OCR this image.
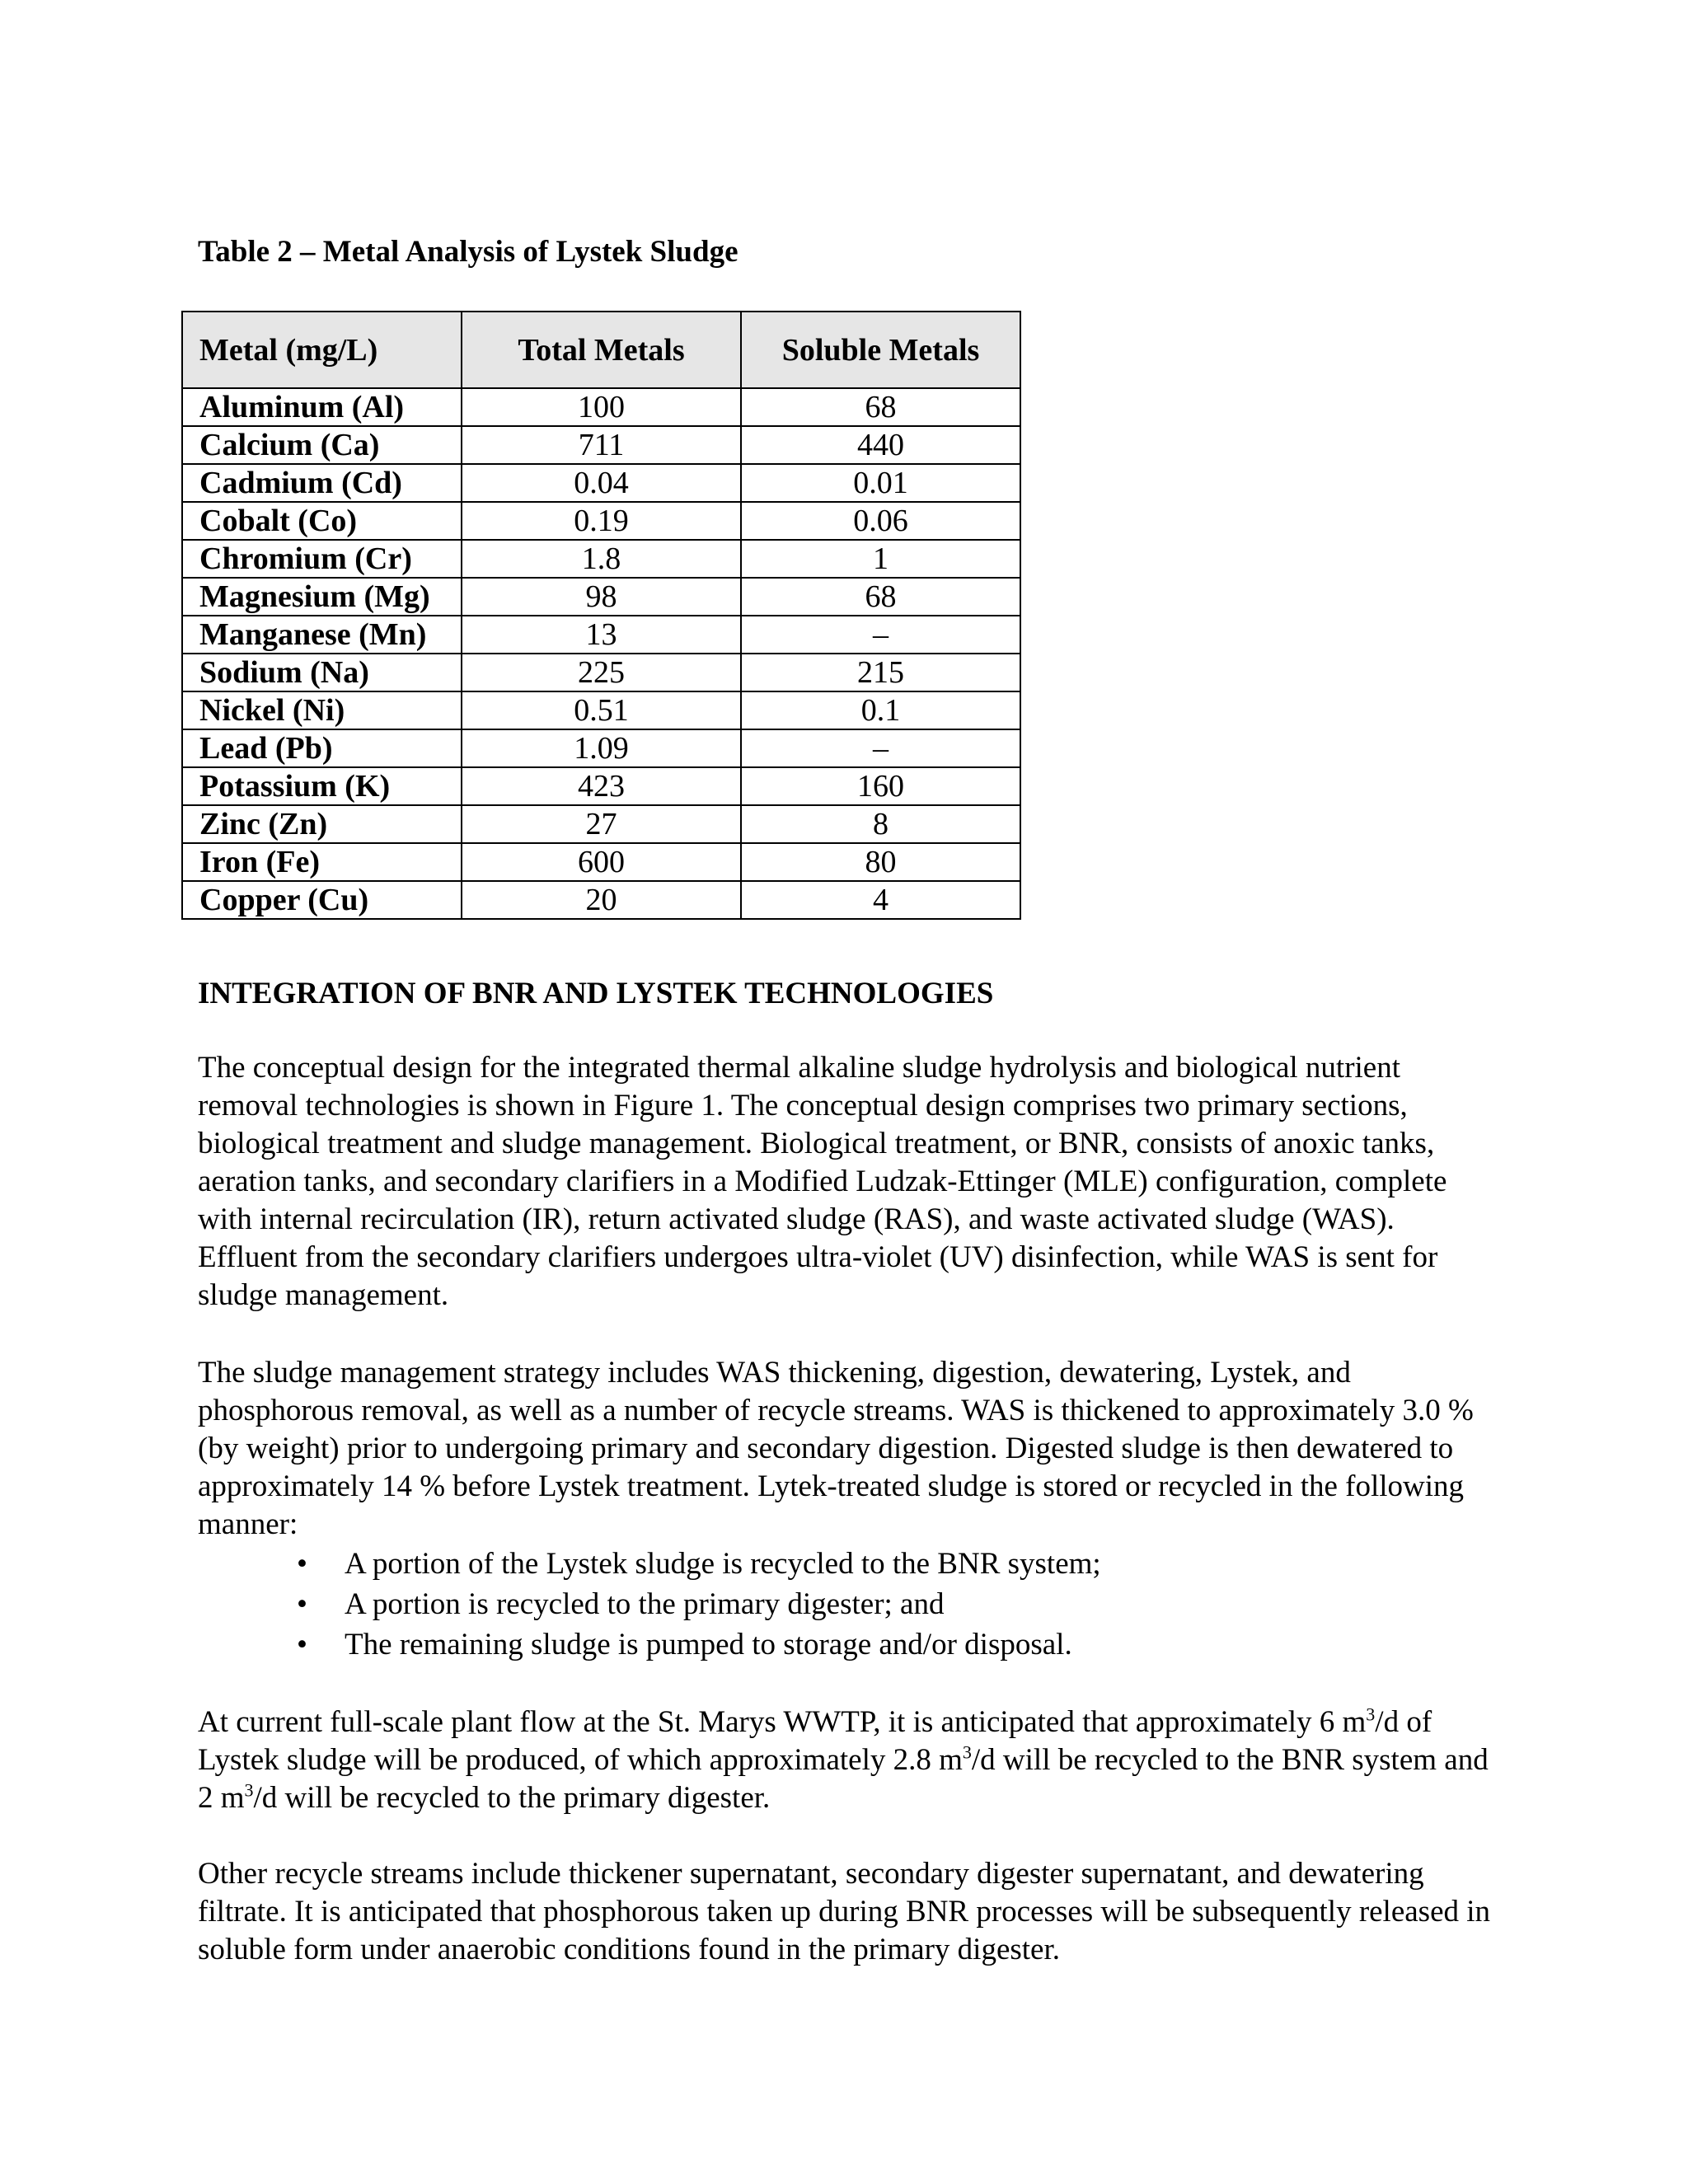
Table 2 – Metal Analysis of Lystek Sludge

Metal (mg/L)	Total Metals	Soluble Metals
Aluminum (Al)	100	68
Calcium (Ca)	711	440
Cadmium (Cd)	0.04	0.01
Cobalt (Co)	0.19	0.06
Chromium (Cr)	1.8	1
Magnesium (Mg)	98	68
Manganese (Mn)	13	–
Sodium (Na)	225	215
Nickel (Ni)	0.51	0.1
Lead (Pb)	1.09	–
Potassium (K)	423	160
Zinc (Zn)	27	8
Iron (Fe)	600	80
Copper (Cu)	20	4

INTEGRATION OF BNR AND LYSTEK TECHNOLOGIES

The conceptual design for the integrated thermal alkaline sludge hydrolysis and biological nutrient removal technologies is shown in Figure 1. The conceptual design comprises two primary sections, biological treatment and sludge management. Biological treatment, or BNR, consists of anoxic tanks, aeration tanks, and secondary clarifiers in a Modified Ludzak-Ettinger (MLE) configuration, complete with internal recirculation (IR), return activated sludge (RAS), and waste activated sludge (WAS). Effluent from the secondary clarifiers undergoes ultra-violet (UV) disinfection, while WAS is sent for sludge management.

The sludge management strategy includes WAS thickening, digestion, dewatering, Lystek, and phosphorous removal, as well as a number of recycle streams. WAS is thickened to approximately 3.0 % (by weight) prior to undergoing primary and secondary digestion. Digested sludge is then dewatered to approximately 14 % before Lystek treatment. Lytek-treated sludge is stored or recycled in the following manner:

• A portion of the Lystek sludge is recycled to the BNR system;
• A portion is recycled to the primary digester; and
• The remaining sludge is pumped to storage and/or disposal.

At current full-scale plant flow at the St. Marys WWTP, it is anticipated that approximately 6 $m^3/d$ of Lystek sludge will be produced, of which approximately 2.8 $m^3/d$ will be recycled to the BNR system and 2 $m^3/d$ will be recycled to the primary digester.

Other recycle streams include thickener supernatant, secondary digester supernatant, and dewatering filtrate. It is anticipated that phosphorous taken up during BNR processes will be subsequently released in soluble form under anaerobic conditions found in the primary digester.
